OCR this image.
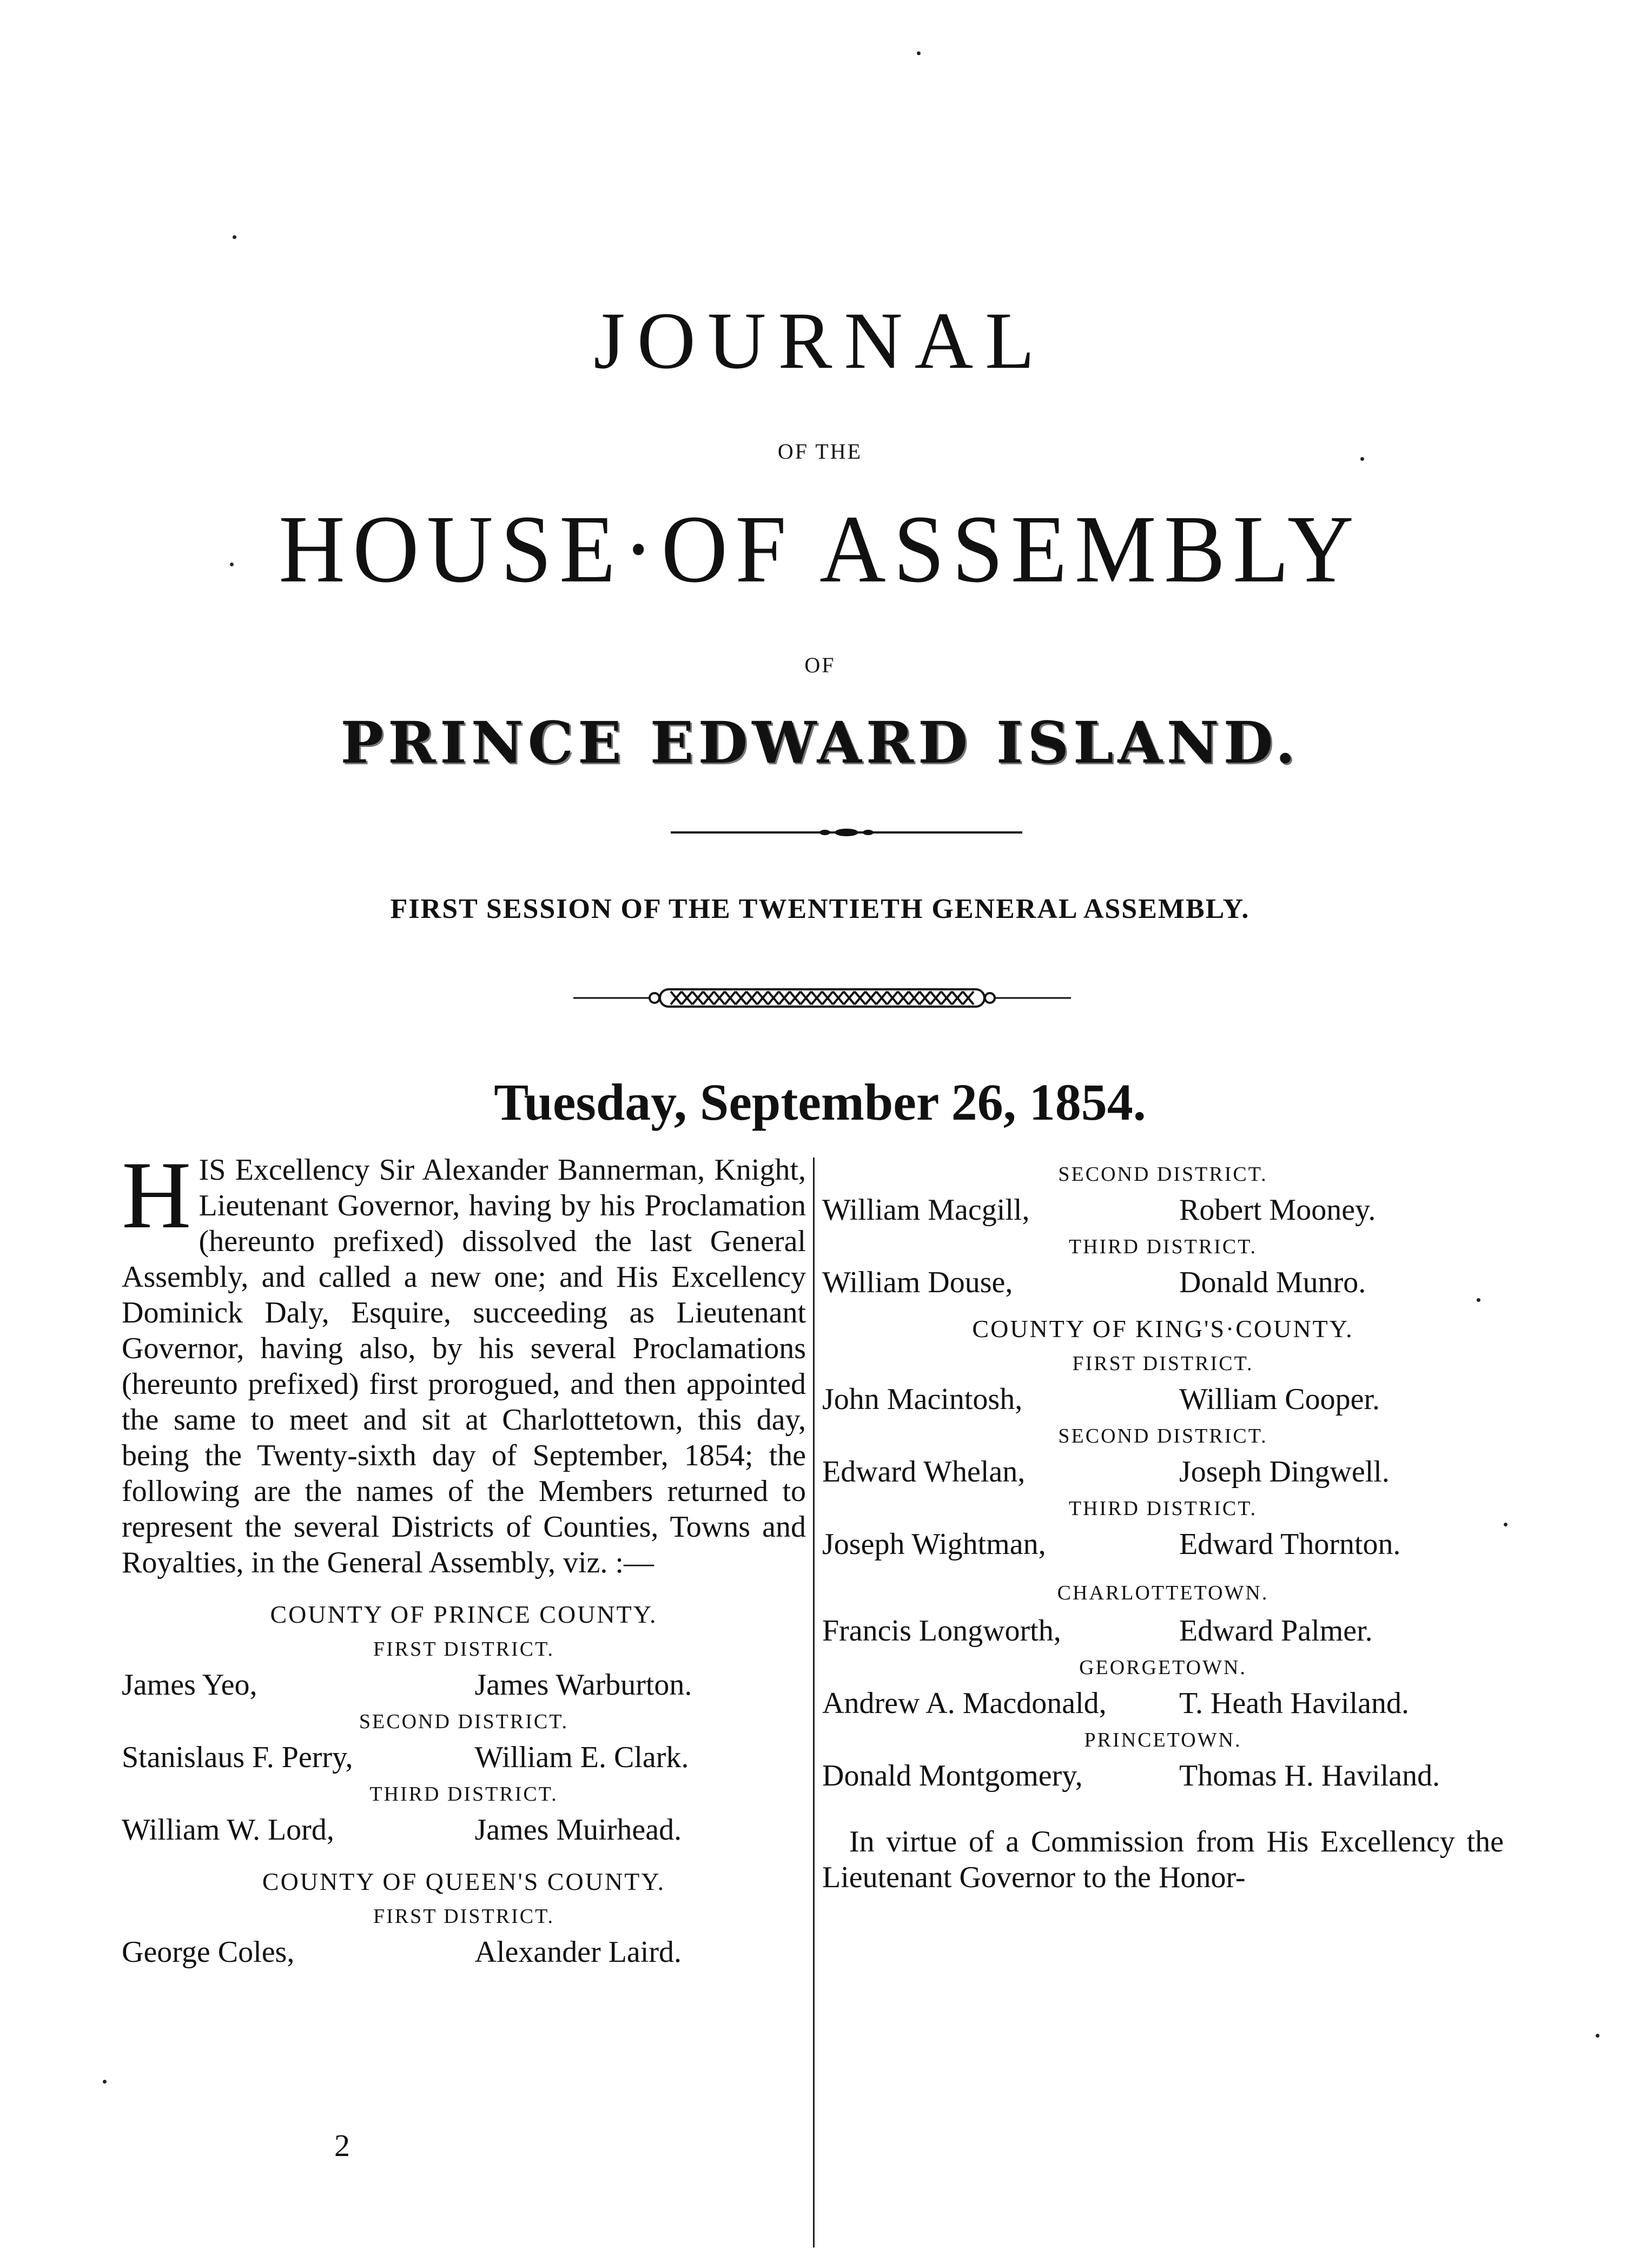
JOURNAL
OF THE
HOUSE·OF ASSEMBLY
OF
PRINCE EDWARD ISLAND.
FIRST SESSION OF THE TWENTIETH GENERAL ASSEMBLY.
Tuesday, September 26, 1854.

HIS Excellency Sir Alexander Bannerman, Knight, Lieutenant Governor, having by his Proclamation (hereunto prefixed) dissolved the last General Assembly, and called a new one; and His Excellency Dominick Daly, Esquire, succeeding as Lieutenant Governor, having also, by his several Proclamations (hereunto prefixed) first prorogued, and then appointed the same to meet and sit at Charlottetown, this day, being the Twenty-sixth day of September, 1854; the following are the names of the Members returned to represent the several Districts of Counties, Towns and Royalties, in the General Assembly, viz. :—

COUNTY OF PRINCE COUNTY.
FIRST DISTRICT.
James Yeo,	James Warburton.
SECOND DISTRICT.
Stanislaus F. Perry,	William E. Clark.
THIRD DISTRICT.
William W. Lord,	James Muirhead.
COUNTY OF QUEEN'S COUNTY.
FIRST DISTRICT.
George Coles,	Alexander Laird.
SECOND DISTRICT.
William Macgill,	Robert Mooney.
THIRD DISTRICT.
William Douse,	Donald Munro.
COUNTY OF KING'S·COUNTY.
FIRST DISTRICT.
John Macintosh,	William Cooper.
SECOND DISTRICT.
Edward Whelan,	Joseph Dingwell.
THIRD DISTRICT.
Joseph Wightman,	Edward Thornton.
CHARLOTTETOWN.
Francis Longworth,	Edward Palmer.
GEORGETOWN.
Andrew A. Macdonald,	T. Heath Haviland.
PRINCETOWN.
Donald Montgomery,	Thomas H. Haviland.

In virtue of a Commission from His Excellency the Lieutenant Governor to the Honor-

2
